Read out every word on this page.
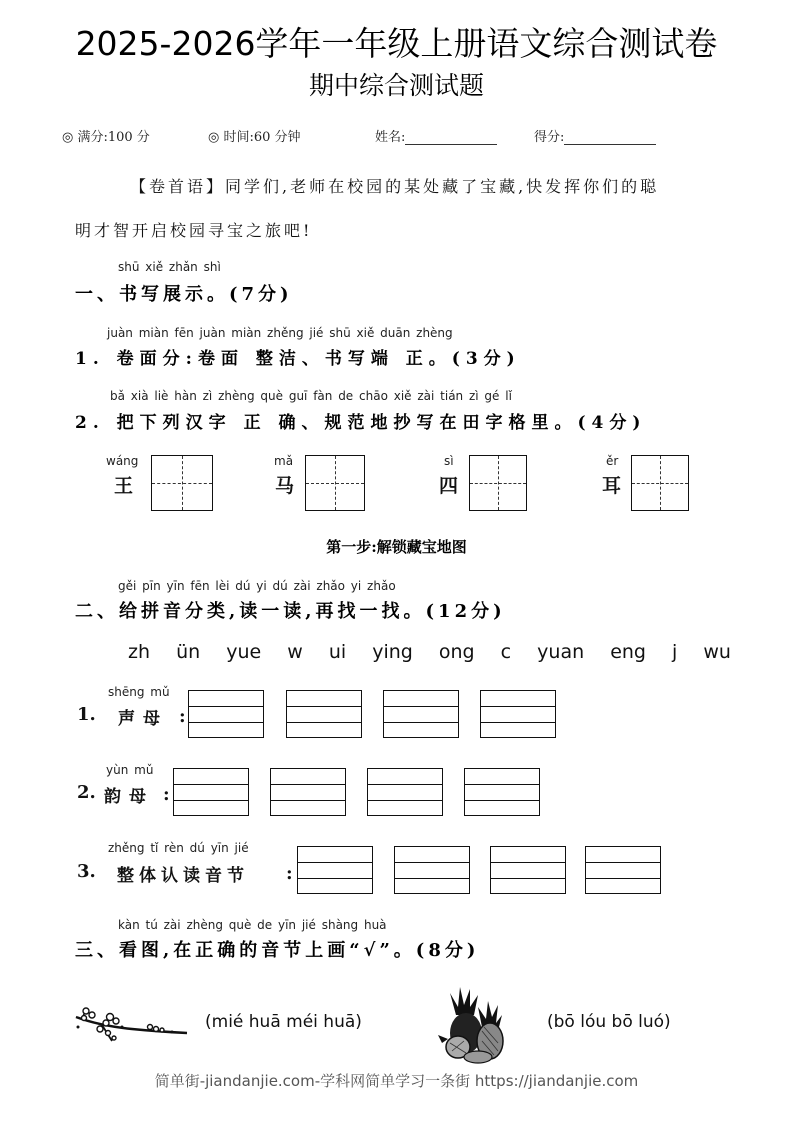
2025-2026学年一年级上册语文综合测试卷
期中综合测试题
◎ 满分:100 分	◎ 时间:60 分钟	姓名:	得分:
【卷首语】同学们,老师在校园的某处藏了宝藏,快发挥你们的聪
明才智开启校园寻宝之旅吧!
shū xiě zhǎn shì
一、书写展示。(7分)
juàn miàn fēn juàn miàn zhěng jié shū xiě duān zhèng
1. 卷面分:卷面 整洁、书写端 正。(3分)
bǎ xià liè hàn zì zhèng què guī fàn de chāo xiě zài tián zì gé lǐ
2. 把下列汉字 正 确、规范地抄写在田字格里。(4分)
wáng
王
mǎ
马
sì
四
ěr
耳
第一步:解锁藏宝地图
gěi pīn yīn fēn lèi dú yi dú zài zhǎo yi zhǎo
二、给拼音分类,读一读,再找一找。(12分)
zh ün yue w ui ying ong c yuan eng j wu
shēng mǔ
1. 声母 :
yùn mǔ
2. 韵母 :
zhěng tǐ rèn dú yīn jié
3. 整体认读音节 :
kàn tú zài zhèng què de yīn jié shàng huà
三、看图,在正确的音节上画“√”。(8分)
(mié huā méi huā)	(bō lóu bō luó)
简单街-jiandanjie.com-学科网简单学习一条街 https://jiandanjie.com
